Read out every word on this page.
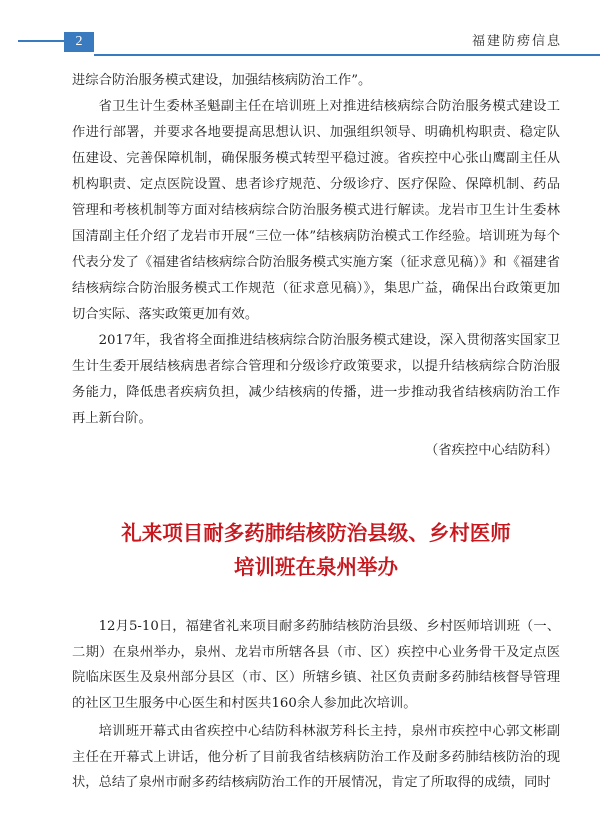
2	福建防痨信息

进综合防治服务模式建设，加强结核病防治工作”。

省卫生计生委林圣魁副主任在培训班上对推进结核病综合防治服务模式建设工作进行部署，并要求各地要提高思想认识、加强组织领导、明确机构职责、稳定队伍建设、完善保障机制，确保服务模式转型平稳过渡。省疾控中心张山鹰副主任从机构职责、定点医院设置、患者诊疗规范、分级诊疗、医疗保险、保障机制、药品管理和考核机制等方面对结核病综合防治服务模式进行解读。龙岩市卫生计生委林国清副主任介绍了龙岩市开展“三位一体”结核病防治模式工作经验。培训班为每个代表分发了《福建省结核病综合防治服务模式实施方案（征求意见稿）》和《福建省结核病综合防治服务模式工作规范（征求意见稿）》，集思广益，确保出台政策更加切合实际、落实政策更加有效。

2017年，我省将全面推进结核病综合防治服务模式建设，深入贯彻落实国家卫生计生委开展结核病患者综合管理和分级诊疗政策要求，以提升结核病综合防治服务能力，降低患者疾病负担，减少结核病的传播，进一步推动我省结核病防治工作再上新台阶。

（省疾控中心结防科）

礼来项目耐多药肺结核防治县级、乡村医师
培训班在泉州举办

12月5-10日，福建省礼来项目耐多药肺结核防治县级、乡村医师培训班（一、二期）在泉州举办，泉州、龙岩市所辖各县（市、区）疾控中心业务骨干及定点医院临床医生及泉州部分县区（市、区）所辖乡镇、社区负责耐多药肺结核督导管理的社区卫生服务中心医生和村医共160余人参加此次培训。

培训班开幕式由省疾控中心结防科林淑芳科长主持，泉州市疾控中心郭文彬副主任在开幕式上讲话，他分析了目前我省结核病防治工作及耐多药肺结核防治的现状，总结了泉州市耐多药结核病防治工作的开展情况，肯定了所取得的成绩，同时
